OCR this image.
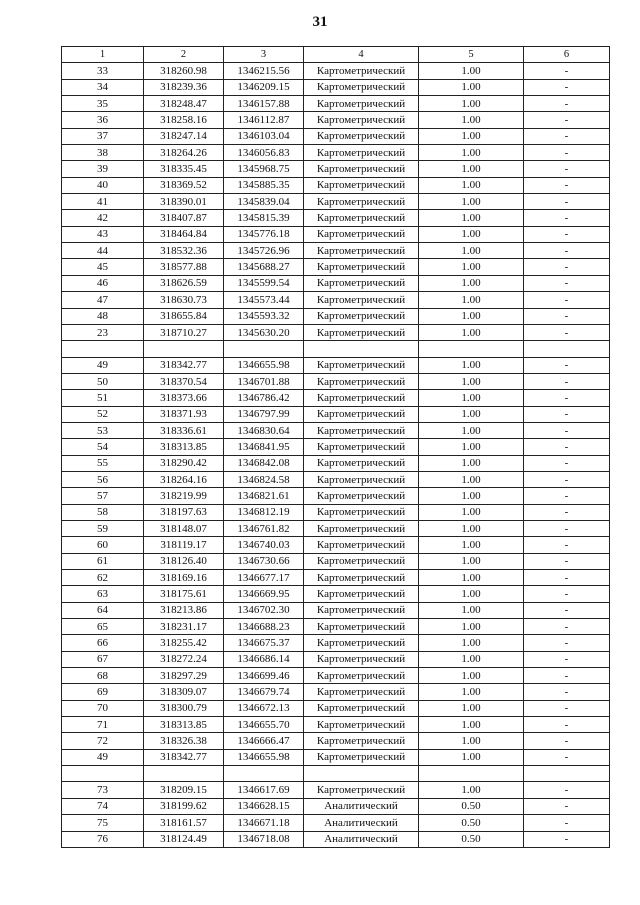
31
1	2	3	4	5	6
33	318260.98	1346215.56	Картометрический	1.00	-
34	318239.36	1346209.15	Картометрический	1.00	-
35	318248.47	1346157.88	Картометрический	1.00	-
36	318258.16	1346112.87	Картометрический	1.00	-
37	318247.14	1346103.04	Картометрический	1.00	-
38	318264.26	1346056.83	Картометрический	1.00	-
39	318335.45	1345968.75	Картометрический	1.00	-
40	318369.52	1345885.35	Картометрический	1.00	-
41	318390.01	1345839.04	Картометрический	1.00	-
42	318407.87	1345815.39	Картометрический	1.00	-
43	318464.84	1345776.18	Картометрический	1.00	-
44	318532.36	1345726.96	Картометрический	1.00	-
45	318577.88	1345688.27	Картометрический	1.00	-
46	318626.59	1345599.54	Картометрический	1.00	-
47	318630.73	1345573.44	Картометрический	1.00	-
48	318655.84	1345593.32	Картометрический	1.00	-
23	318710.27	1345630.20	Картометрический	1.00	-

49	318342.77	1346655.98	Картометрический	1.00	-
50	318370.54	1346701.88	Картометрический	1.00	-
51	318373.66	1346786.42	Картометрический	1.00	-
52	318371.93	1346797.99	Картометрический	1.00	-
53	318336.61	1346830.64	Картометрический	1.00	-
54	318313.85	1346841.95	Картометрический	1.00	-
55	318290.42	1346842.08	Картометрический	1.00	-
56	318264.16	1346824.58	Картометрический	1.00	-
57	318219.99	1346821.61	Картометрический	1.00	-
58	318197.63	1346812.19	Картометрический	1.00	-
59	318148.07	1346761.82	Картометрический	1.00	-
60	318119.17	1346740.03	Картометрический	1.00	-
61	318126.40	1346730.66	Картометрический	1.00	-
62	318169.16	1346677.17	Картометрический	1.00	-
63	318175.61	1346669.95	Картометрический	1.00	-
64	318213.86	1346702.30	Картометрический	1.00	-
65	318231.17	1346688.23	Картометрический	1.00	-
66	318255.42	1346675.37	Картометрический	1.00	-
67	318272.24	1346686.14	Картометрический	1.00	-
68	318297.29	1346699.46	Картометрический	1.00	-
69	318309.07	1346679.74	Картометрический	1.00	-
70	318300.79	1346672.13	Картометрический	1.00	-
71	318313.85	1346655.70	Картометрический	1.00	-
72	318326.38	1346666.47	Картометрический	1.00	-
49	318342.77	1346655.98	Картометрический	1.00	-

73	318209.15	1346617.69	Картометрический	1.00	-
74	318199.62	1346628.15	Аналитический	0.50	-
75	318161.57	1346671.18	Аналитический	0.50	-
76	318124.49	1346718.08	Аналитический	0.50	-
